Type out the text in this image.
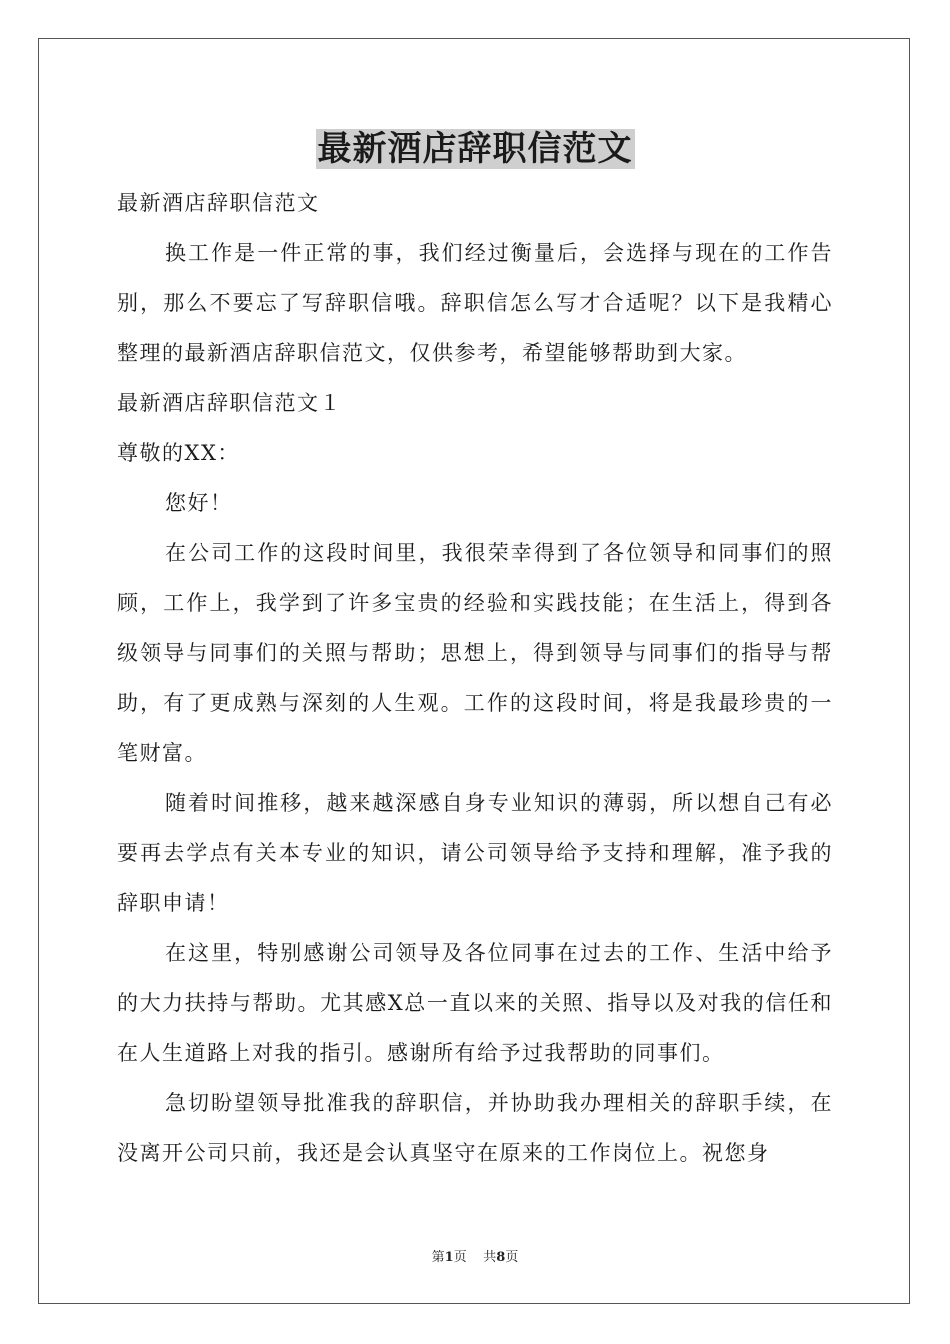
最新酒店辞职信范文

最新酒店辞职信范文

换工作是一件正常的事，我们经过衡量后，会选择与现在的工作告别，那么不要忘了写辞职信哦。辞职信怎么写才合适呢？以下是我精心整理的最新酒店辞职信范文，仅供参考，希望能够帮助到大家。

最新酒店辞职信范文１

尊敬的XX：

您好！

在公司工作的这段时间里，我很荣幸得到了各位领导和同事们的照顾，工作上，我学到了许多宝贵的经验和实践技能；在生活上，得到各级领导与同事们的关照与帮助；思想上，得到领导与同事们的指导与帮助，有了更成熟与深刻的人生观。工作的这段时间，将是我最珍贵的一笔财富。

随着时间推移，越来越深感自身专业知识的薄弱，所以想自己有必要再去学点有关本专业的知识，请公司领导给予支持和理解，准予我的辞职申请！

在这里，特别感谢公司领导及各位同事在过去的工作、生活中给予的大力扶持与帮助。尤其感X总一直以来的关照、指导以及对我的信任和在人生道路上对我的指引。感谢所有给予过我帮助的同事们。

急切盼望领导批准我的辞职信，并协助我办理相关的辞职手续，在没离开公司只前，我还是会认真坚守在原来的工作岗位上。祝您身

第1页 共8页
